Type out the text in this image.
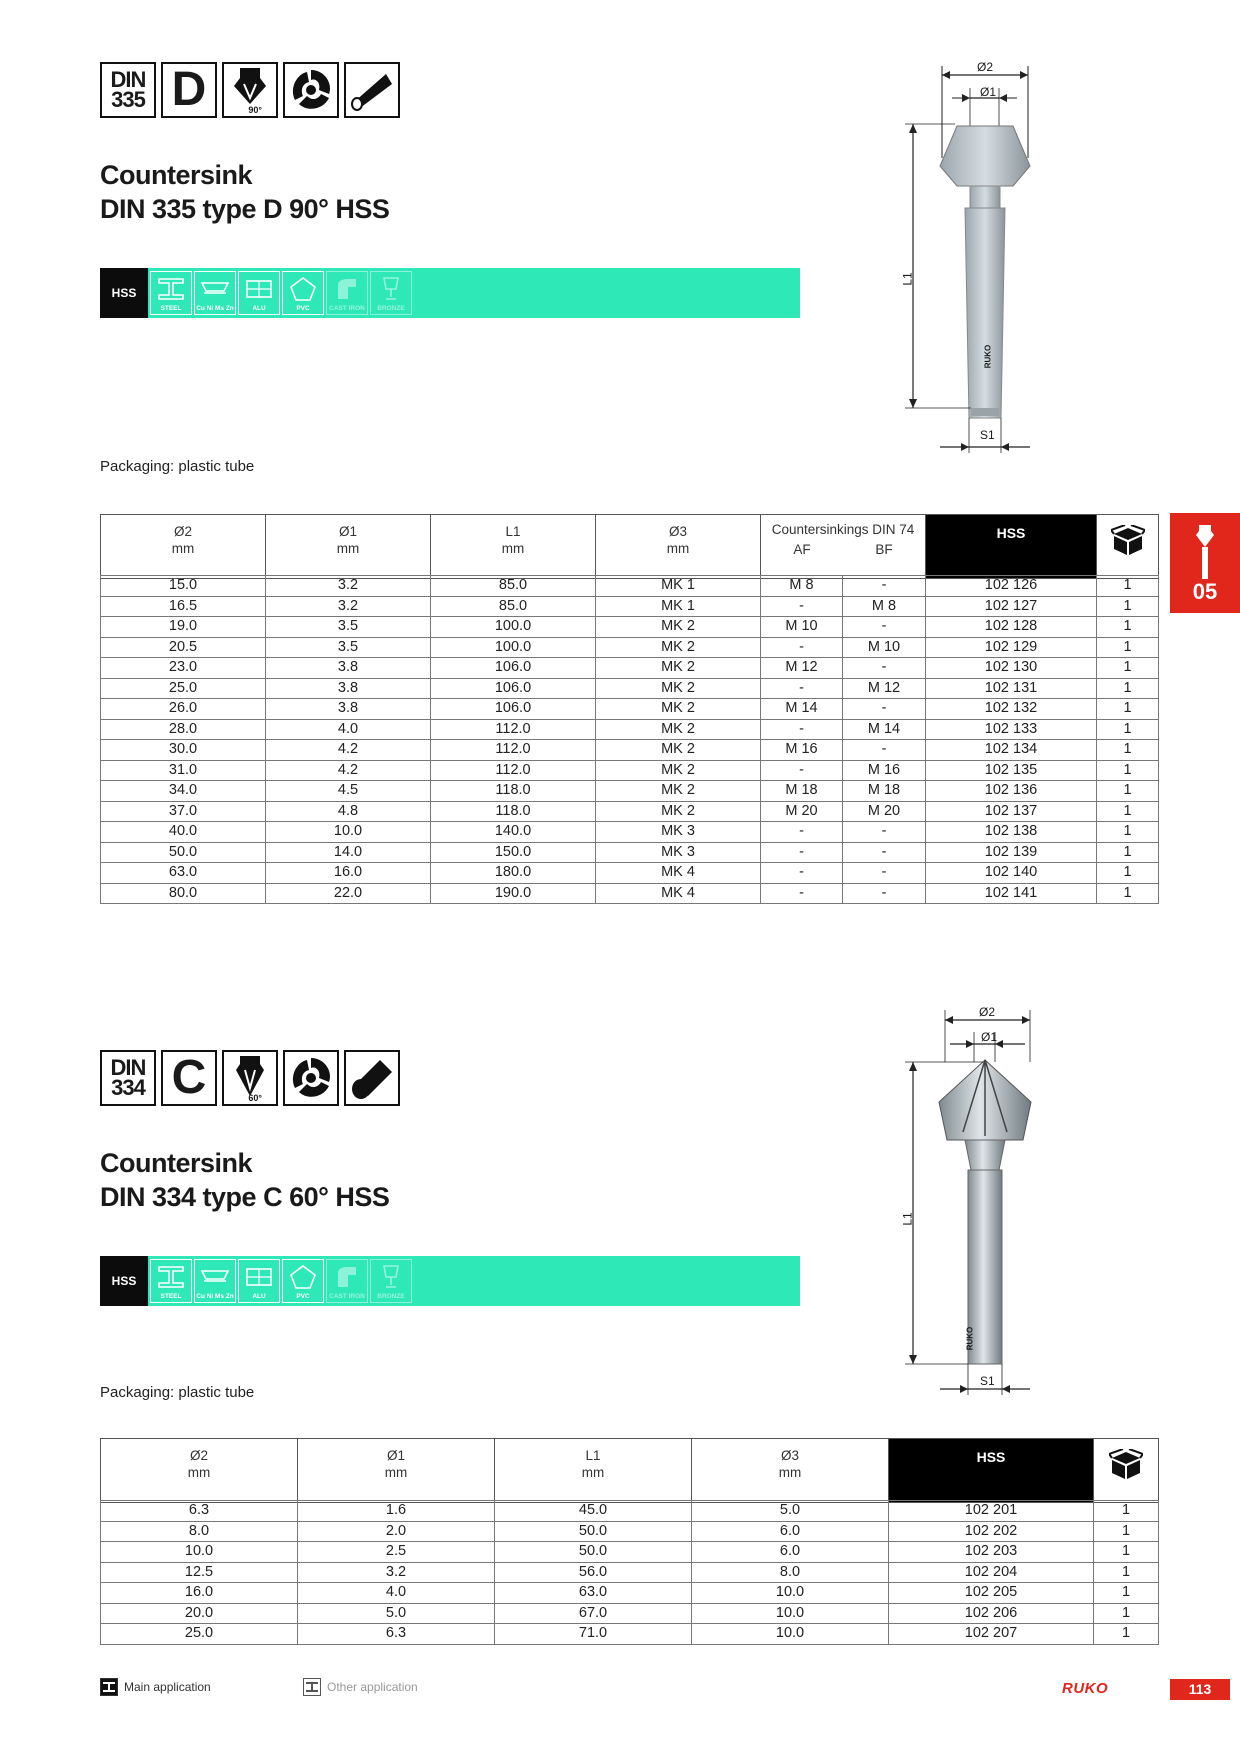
DIN
335 D	90°
Countersink
DIN 335 type D 90° HSS
HSS
STEEL Cu Ni Ms Zn	ALU	PVC	CAST IRON BRONZE
Packaging: plastic tube
Ø2
Ø1
L1
S1
RUKO
05
Ø2
mm

Ø1
mm

L1
mm

Ø3
mm

Countersinkings DIN 74
AF	BF
	HSS	
15.0	3.2	85.0	MK 1	M 8	-	102 126	1
16.5	3.2	85.0	MK 1	-	M 8	102 127	1
19.0	3.5	100.0	MK 2	M 10	-	102 128	1
20.5	3.5	100.0	MK 2	-	M 10	102 129	1
23.0	3.8	106.0	MK 2	M 12	-	102 130	1
25.0	3.8	106.0	MK 2	-	M 12	102 131	1
26.0	3.8	106.0	MK 2	M 14	-	102 132	1
28.0	4.0	112.0	MK 2	-	M 14	102 133	1
30.0	4.2	112.0	MK 2	M 16	-	102 134	1
31.0	4.2	112.0	MK 2	-	M 16	102 135	1
34.0	4.5	118.0	MK 2	M 18	M 18	102 136	1
37.0	4.8	118.0	MK 2	M 20	M 20	102 137	1
40.0	10.0	140.0	MK 3	-	-	102 138	1
50.0	14.0	150.0	MK 3	-	-	102 139	1
63.0	16.0	180.0	MK 4	-	-	102 140	1
80.0	22.0	190.0	MK 4	-	-	102 141	1
DIN
334 C	60°
Countersink
DIN 334 type C 60° HSS
HSS
STEEL Cu Ni Ms Zn	ALU	PVC	CAST IRON BRONZE
Packaging: plastic tube
Ø2
Ø1
L1
S1
RUKO
Ø2
mm

Ø1
mm

L1
mm

Ø3
mm
	HSS	
6.3	1.6	45.0	5.0	102 201	1
8.0	2.0	50.0	6.0	102 202	1
10.0	2.5	50.0	6.0	102 203	1
12.5	3.2	56.0	8.0	102 204	1
16.0	4.0	63.0	10.0	102 205	1
20.0	5.0	67.0	10.0	102 206	1
25.0	6.3	71.0	10.0	102 207	1
Main application	Other application	RUKO	113
